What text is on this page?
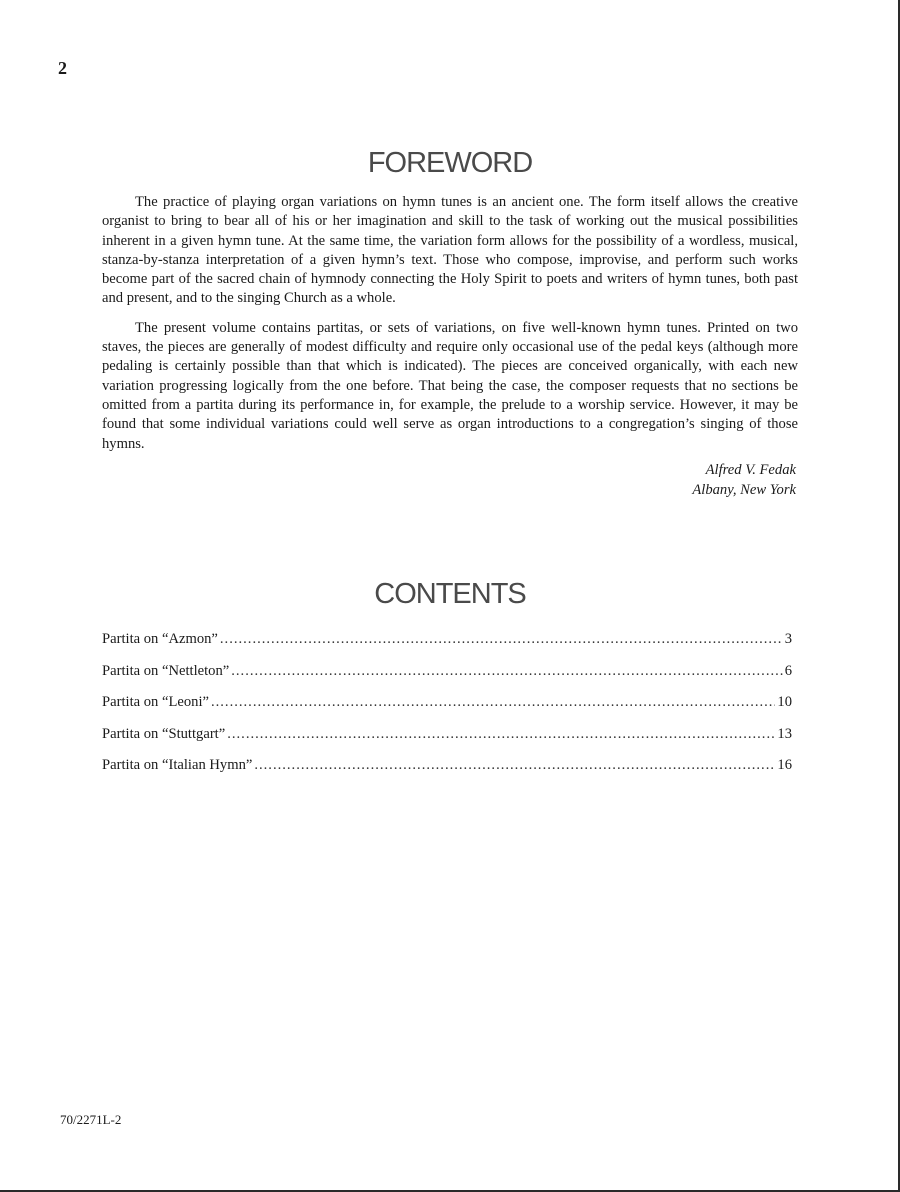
2
FOREWORD

The practice of playing organ variations on hymn tunes is an ancient one. The form itself allows the creative organist to bring to bear all of his or her imagination and skill to the task of working out the musical possibilities inherent in a given hymn tune. At the same time, the variation form allows for the possibility of a wordless, musical, stanza-by-stanza interpretation of a given hymn’s text. Those who compose, improvise, and perform such works become part of the sacred chain of hymnody connecting the Holy Spirit to poets and writers of hymn tunes, both past and present, and to the singing Church as a whole.

The present volume contains partitas, or sets of variations, on five well-known hymn tunes. Printed on two staves, the pieces are generally of modest difficulty and require only occasional use of the pedal keys (although more pedaling is certainly possible than that which is indicated). The pieces are conceived organically, with each new variation progressing logically from the one before. That being the case, the composer requests that no sections be omitted from a partita during its performance in, for example, the prelude to a worship service. However, it may be found that some individual variations could well serve as organ introductions to a congregation’s singing of those hymns.

Alfred V. Fedak
Albany, New York
CONTENTS
Partita on “Azmon” .....	3
Partita on “Nettleton” .....	6
Partita on “Leoni” .....	10
Partita on “Stuttgart” .....	13
Partita on “Italian Hymn” .....	16
70/2271L-2
